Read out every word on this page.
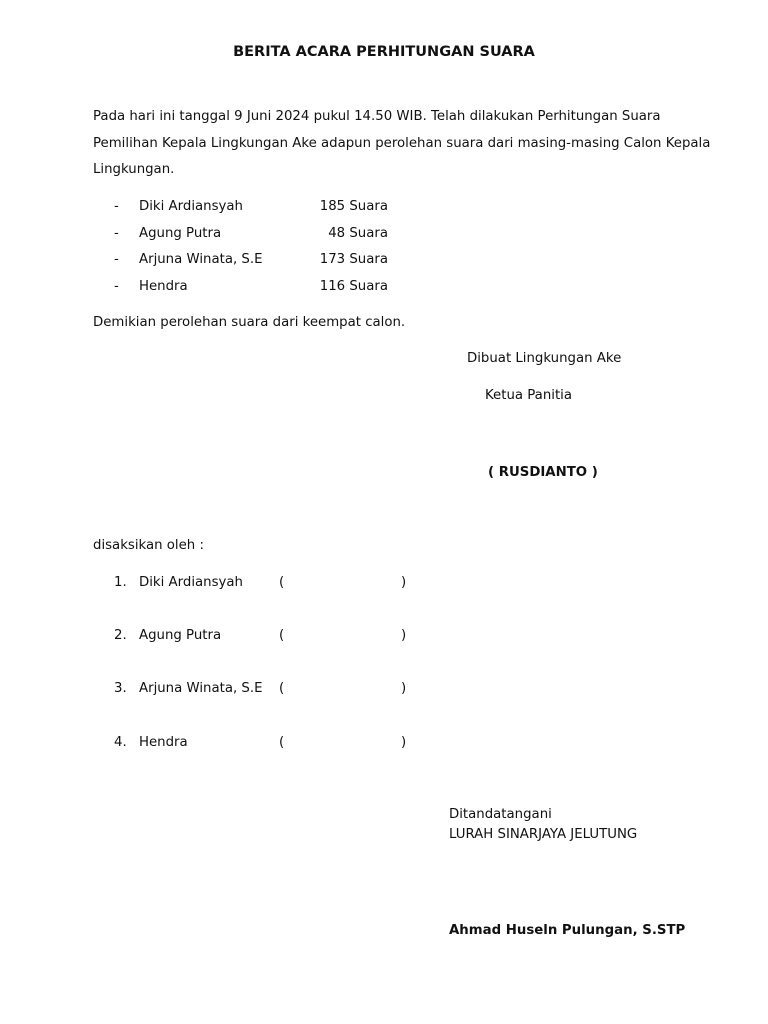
BERITA ACARA PERHITUNGAN SUARA
Pada hari ini tanggal 9 Juni 2024 pukul 14.50 WIB. Telah dilakukan Perhitungan Suara
Pemilihan Kepala Lingkungan Ake adapun perolehan suara dari masing-masing Calon Kepala
Lingkungan.
- Diki Ardiansyah	185 Suara
- Agung Putra	48 Suara
- Arjuna Winata, S.E	173 Suara
- Hendra	116 Suara
Demikian perolehan suara dari keempat calon.
Dibuat Lingkungan Ake
Ketua Panitia
( RUSDIANTO )
disaksikan oleh :
1. Diki Ardiansyah	(	)
2. Agung Putra	(	)
3. Arjuna Winata, S.E (	)
4. Hendra	(	)
Ditandatangani
LURAH SINARJAYA JELUTUNG
Ahmad Huseln Pulungan, S.STP
